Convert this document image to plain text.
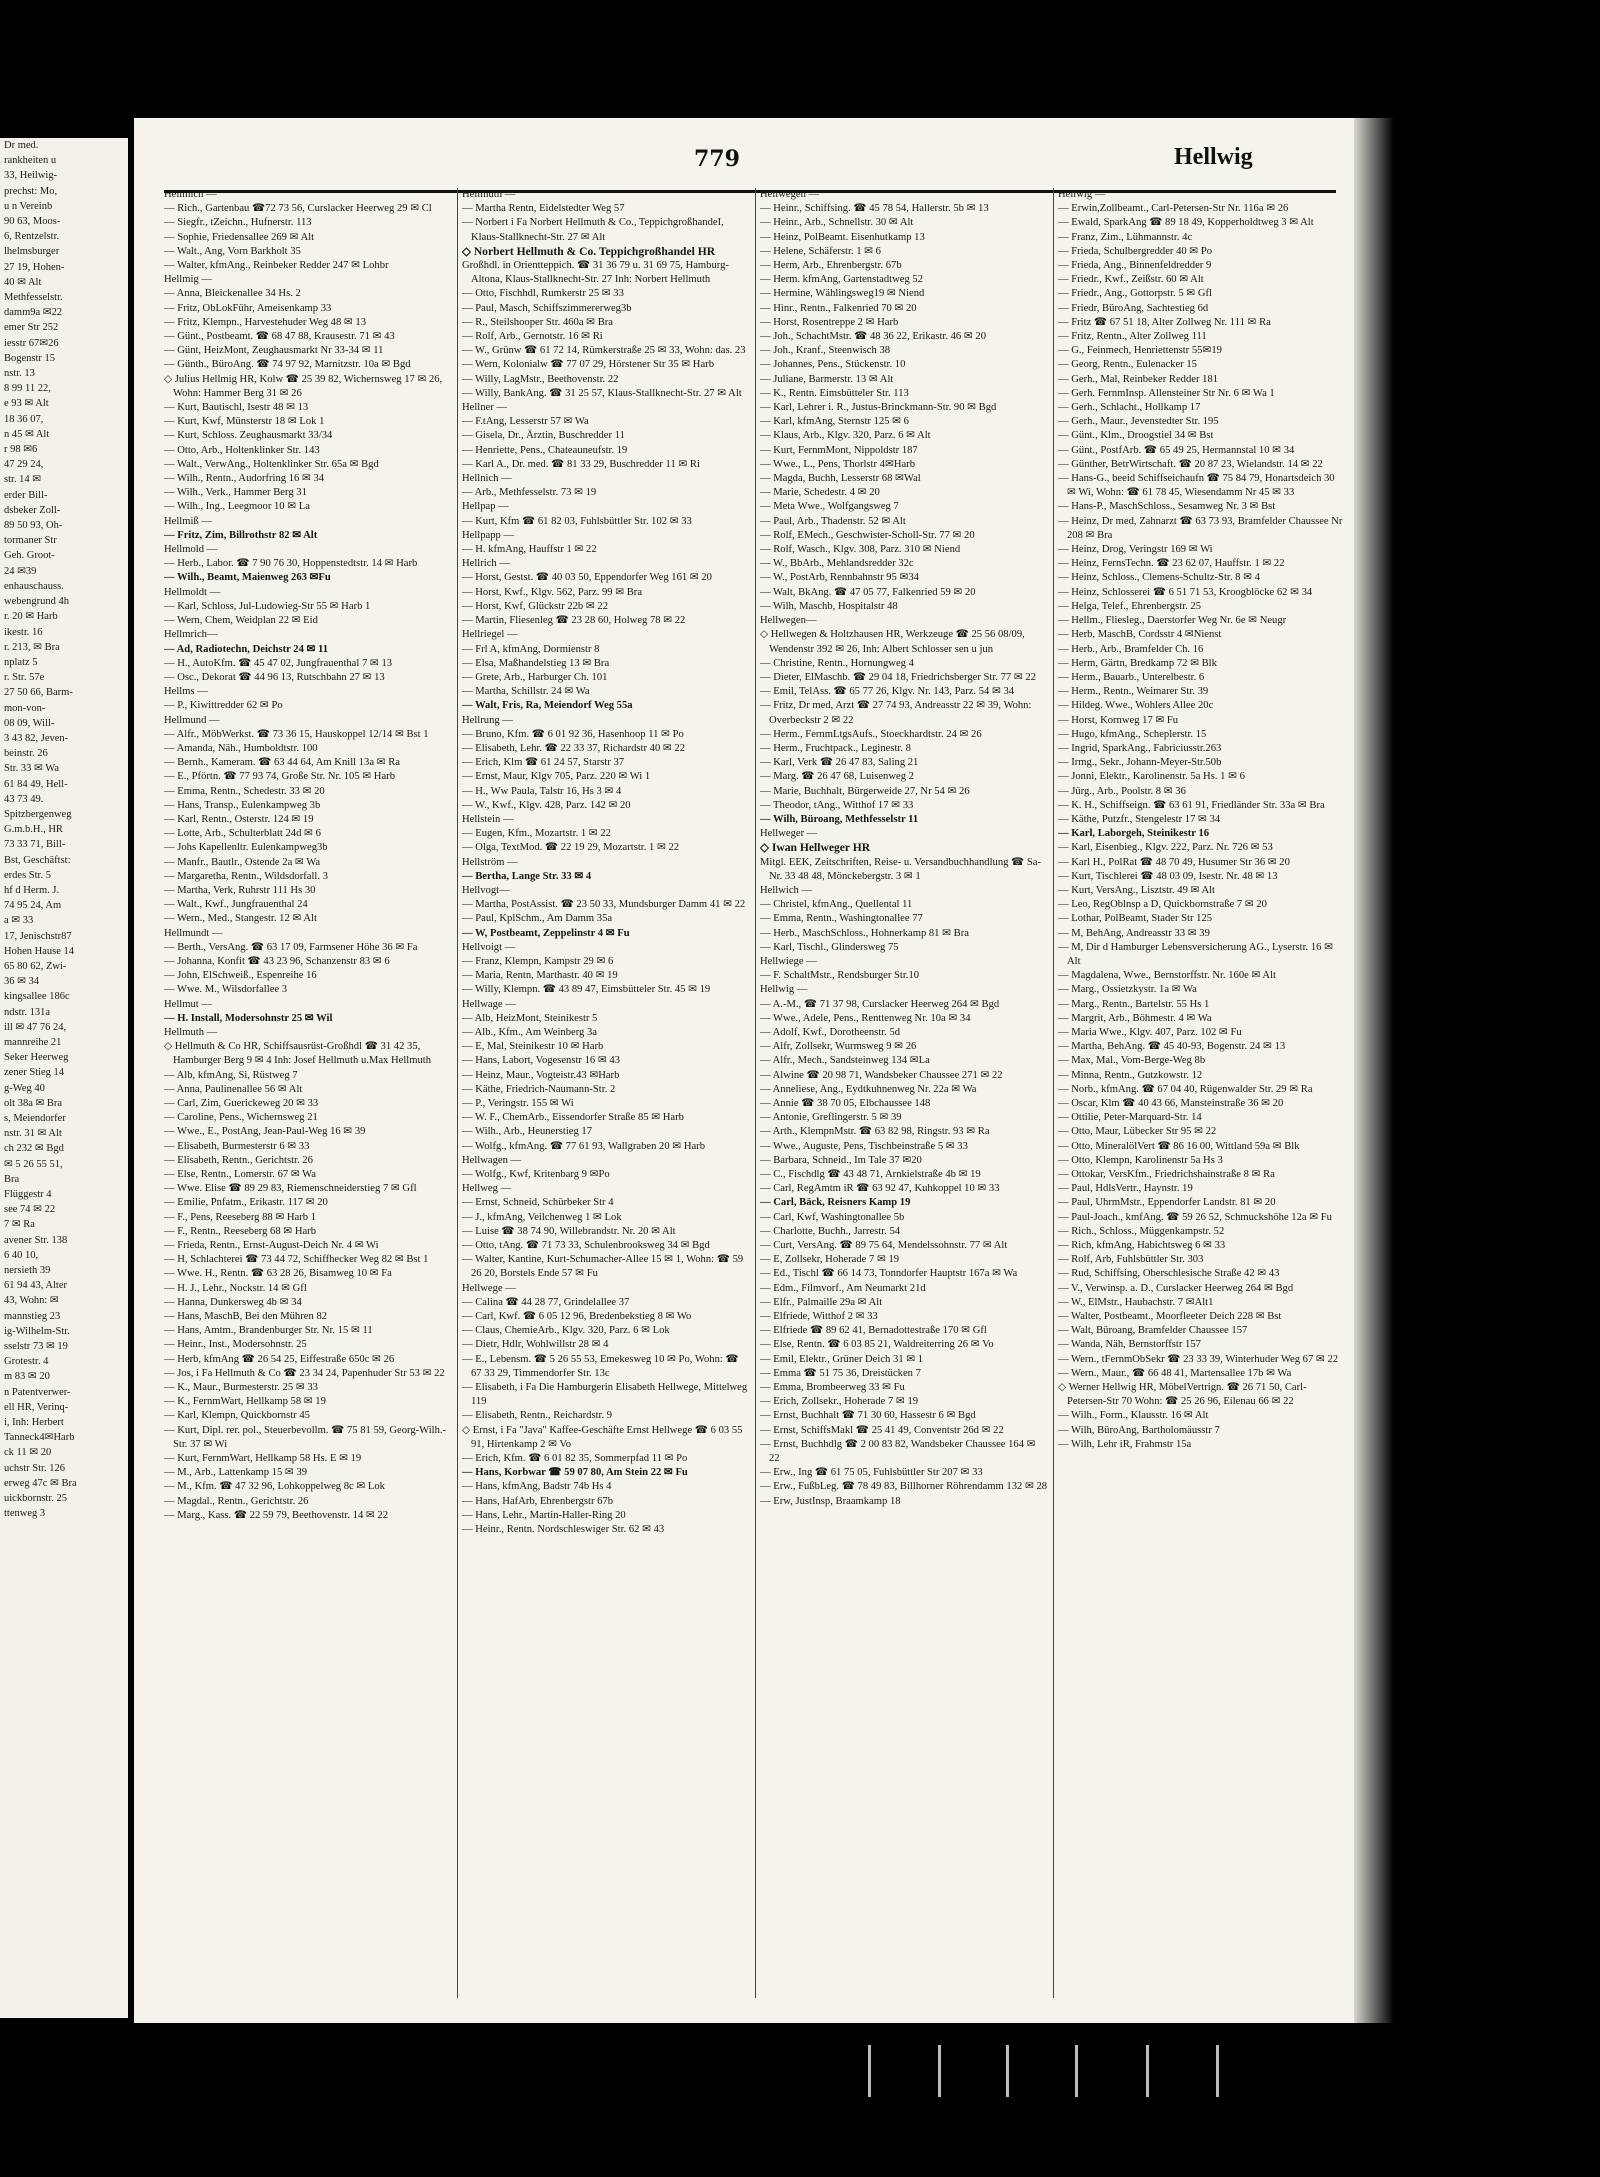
Dr med.
rankheiten u
33, Heilwig-
prechst: Mo,
u n Vereinb
90 63, Moos-
6, Rentzelstr.
lhelmsburger
27 19, Hohen-
40 ✉ Alt
Methfesselstr.
damm9a ✉22
emer Str 252
iesstr 67✉26
Bogenstr 15
nstr. 13
8 99 11 22,
e 93 ✉ Alt
18 36 07,
n 45 ✉ Alt
r 98 ✉6
47 29 24,
str. 14 ✉
erder Bill-
dsbeker Zoll-
89 50 93, Oh-
tormaner Str
Geh. Groot-
24 ✉39
enhauschauss.
webengrund 4h
r. 20 ✉ Harb
ikestr. 16
r. 213, ✉ Bra
nplatz 5
r. Str. 57e
27 50 66, Barm-
mon-von-
08 09, Will-
3 43 82, Jeven-
beinstr. 26
Str. 33 ✉ Wa
61 84 49, Hell-
43 73 49.
Spitzbergenweg
G.m.b.H., HR
73 33 71, Bill-
Bst, Geschäftst:
erdes Str. 5
hf d Herm. J.
74 95 24, Am
a ✉ 33
17, Jenischstr87
Hohen Hause 14
65 80 62, Zwi-
36 ✉ 34
kingsallee 186c
ndstr. 131a
ill ✉ 47 76 24,
mannreihe 21
Seker Heerweg
zener Stieg 14
g-Weg 40
olt 38a ✉ Bra
s, Meiendorfer
nstr. 31 ✉ Alt
ch 232 ✉ Bgd
✉ 5 26 55 51,
Bra
Flüggestr 4
see 74 ✉ 22
7 ✉ Ra
avener Str. 138
6 40 10,
nersieth 39
61 94 43, Alter
43, Wohn: ✉
mannstieg 23
ig-Wilhelm-Str.
sselstr 73 ✉ 19
Grotestr. 4
m 83 ✉ 20
n Patentverwer-
ell HR, Verinq-
i, Inh: Herbert
Tanneck4✉Harb
ck 11 ✉ 20
uchstr Str. 126
erweg 47c ✉ Bra
uickbornstr. 25
ttenweg 3
779	Hellwig

Hellmich —

— Rich., Gartenbau ☎72 73 56, Curslacker Heerweg 29 ✉ Cl

— Siegfr., tZeichn., Hufnerstr. 113

— Sophie, Friedensallee 269 ✉ Alt

— Walt., Ang, Vorn Barkholt 35

— Walter, kfmAng., Reinbeker Redder 247 ✉ Lohbr

Hellmig —

— Anna, Bleickenallee 34 Hs. 2

— Fritz, ObLokFühr, Ameisenkamp 33

— Fritz, Klempn., Harvestehuder Weg 48 ✉ 13

— Günt., Postbeamt. ☎ 68 47 88, Krausestr. 71 ✉ 43

— Günt, HeizMont, Zeughausmarkt Nr 33-34 ✉ 11

— Günth., BüroAng. ☎ 74 97 92, Marnitzstr. 10a ✉ Bgd

◇ Julius Hellmig HR, Kolw ☎ 25 39 82, Wichernsweg 17 ✉ 26, Wohn: Hammer Berg 31 ✉ 26

— Kurt, Bautischl, Isestr 48 ✉ 13

— Kurt, Kwf, Münsterstr 18 ✉ Lok 1

— Kurt, Schloss. Zeughausmarkt 33/34

— Otto, Arb., Holtenklinker Str. 143

— Walt., VerwAng., Holtenklinker Str. 65a ✉ Bgd

— Wilh., Rentn., Audorfring 16 ✉ 34

— Wilh., Verk., Hammer Berg 31

— Wilh., Ing., Leegmoor 10 ✉ La

Hellmiß —

— Fritz, Zim, Billrothstr 82 ✉ Alt

Hellmold —

— Herb., Labor. ☎ 7 90 76 30, Hoppenstedtstr. 14 ✉ Harb

— Wilh., Beamt, Maienweg 263 ✉Fu

Hellmoldt —

— Karl, Schloss, Jul-Ludowieg-Str 55 ✉ Harb 1

— Wern, Chem, Weidplan 22 ✉ Eid

Hellmrich—

— Ad, Radiotechn, Deichstr 24 ✉ 11

— H., AutoKfm. ☎ 45 47 02, Jungfrauenthal 7 ✉ 13

— Osc., Dekorat ☎ 44 96 13, Rutschbahn 27 ✉ 13

Hellms —

— P., Kiwittredder 62 ✉ Po

Hellmund —

— Alfr., MöbWerkst. ☎ 73 36 15, Hauskoppel 12/14 ✉ Bst 1

— Amanda, Näh., Humboldtstr. 100

— Bernh., Kameram. ☎ 63 44 64, Am Knill 13a ✉ Ra

— E., Pförtn. ☎ 77 93 74, Große Str. Nr. 105 ✉ Harb

— Emma, Rentn., Schedestr. 33 ✉ 20

— Hans, Transp., Eulenkampweg 3b

— Karl, Rentn., Osterstr. 124 ✉ 19

— Lotte, Arb., Schulterblatt 24d ✉ 6

— Johs Kapellenltr. Eulenkampweg3b

— Manfr., Bautlr., Ostende 2a ✉ Wa

— Margaretha, Rentn., Wildsdorfall. 3

— Martha, Verk, Ruhrstr 111 Hs 30

— Walt., Kwf., Jungfrauenthal 24

— Wern., Med., Stangestr. 12 ✉ Alt

Hellmundt —

— Berth., VersAng. ☎ 63 17 09, Farmsener Höhe 36 ✉ Fa

— Johanna, Konfit ☎ 43 23 96, Schanzenstr 83 ✉ 6

— John, ElSchweiß., Espenreihe 16

— Wwe. M., Wilsdorfallee 3

Hellmut —

— H. Install, Modersohnstr 25 ✉ Wil

Hellmuth —

◇ Hellmuth & Co HR, Schiffsausrüst-Großhdl ☎ 31 42 35, Hamburger Berg 9 ✉ 4 Inh: Josef Hellmuth u.Max Hellmuth

— Alb, kfmAng, Si, Rüstweg 7

— Anna, Paulinenallee 56 ✉ Alt

— Carl, Zim, Guerickeweg 20 ✉ 33

— Caroline, Pens., Wichernsweg 21

— Wwe., E., PostAng, Jean-Paul-Weg 16 ✉ 39

— Elisabeth, Burmesterstr 6 ✉ 33

— Elisabeth, Rentn., Gerichtstr. 26

— Else, Rentn., Lomerstr. 67 ✉ Wa

— Wwe. Elise ☎ 89 29 83, Riemenschneiderstieg 7 ✉ Gfl

— Emilie, Pnfatm., Erikastr. 117 ✉ 20

— F., Pens, Reeseberg 88 ✉ Harb 1

— F., Rentn., Reeseberg 68 ✉ Harb

— Frieda, Rentn., Ernst-August-Deich Nr. 4 ✉ Wi

— H, Schlachterei ☎ 73 44 72, Schiffhecker Weg 82 ✉ Bst 1

— Wwe. H., Rentn. ☎ 63 28 26, Bisamweg 10 ✉ Fa

— H. J., Lehr., Nockstr. 14 ✉ Gfl

— Hanna, Dunkersweg 4b ✉ 34

— Hans, MaschB, Bei den Mühren 82

— Hans, Amtm., Brandenburger Str. Nr. 15 ✉ 11

— Heinr., Inst., Modersohnstr. 25

— Herb, kfmAng ☎ 26 54 25, Eiffestraße 650c ✉ 26

— Jos, i Fa Hellmuth & Co ☎ 23 34 24, Papenhuder Str 53 ✉ 22

— K., Maur., Burmesterstr. 25 ✉ 33

— K., FernmWart, Hellkamp 58 ✉ 19

— Karl, Klempn, Quickbornstr 45

— Kurt, Dipl. rer. pol., Steuerbevollm. ☎ 75 81 59, Georg-Wilh.-Str. 37 ✉ Wi

— Kurt, FernmWart, Hellkamp 58 Hs. E ✉ 19

— M., Arb., Lattenkamp 15 ✉ 39

— M., Kfm. ☎ 47 32 96, Lohkoppelweg 8c ✉ Lok

— Magdal., Rentn., Gerichtstr. 26

— Marg., Kass. ☎ 22 59 79, Beethovenstr. 14 ✉ 22

Hellmuth —

— Martha Rentn, Eidelstedter Weg 57

— Norbert i Fa Norbert Hellmuth & Co., TeppichgroßhandeI, Klaus-Stallknecht-Str. 27 ✉ Alt

◇ Norbert Hellmuth & Co. Teppichgroßhandel HR

Großhdl. in Orientteppich. ☎ 31 36 79 u. 31 69 75, Hamburg-Altona, Klaus-Stallknecht-Str. 27 Inh: Norbert Hellmuth

— Otto, Fischhdl, Rumkerstr 25 ✉ 33

— Paul, Masch, Schiffszimmererweg3b

— R., Steilshooper Str. 460a ✉ Bra

— Rolf, Arb., Gernotstr. 16 ✉ Ri

— W., Grünw ☎ 61 72 14, Rümkerstraße 25 ✉ 33, Wohn: das. 23

— Wern, Kolonialw ☎ 77 07 29, Hörstener Str 35 ✉ Harb

— Willy, LagMstr., Beethovenstr. 22

— Willy, BankAng. ☎ 31 25 57, Klaus-Stallknecht-Str. 27 ✉ Alt

Hellner —

— F.tAng, Lesserstr 57 ✉ Wa

— Gisela, Dr., Ärztin, Buschredder 11

— Henriette, Pens., Chateauneufstr. 19

— Karl A., Dr. med. ☎ 81 33 29, Buschredder 11 ✉ Ri

Hellnich —

— Arb., Methfesselstr. 73 ✉ 19

Hellpap —

— Kurt, Kfm ☎ 61 82 03, Fuhlsbüttler Str. 102 ✉ 33

Hellpapp —

— H. kfmAng, Hauffstr 1 ✉ 22

Hellrich —

— Horst, Gestst. ☎ 40 03 50, Eppendorfer Weg 161 ✉ 20

— Horst, Kwf., Klgv. 562, Parz. 99 ✉ Bra

— Horst, Kwf, Glückstr 22b ✉ 22

— Martin, Fliesenleg ☎ 23 28 60, Holweg 78 ✉ 22

Hellriegel —

— Frl A, kfmAng, Dormienstr 8

— Elsa, Maßhandelstieg 13 ✉ Bra

— Grete, Arb., Harburger Ch. 101

— Martha, Schillstr. 24 ✉ Wa

— Walt, Fris, Ra, Meiendorf Weg 55a

Hellrung —

— Bruno, Kfm. ☎ 6 01 92 36, Hasenhoop 11 ✉ Po

— Elisabeth, Lehr. ☎ 22 33 37, Richardstr 40 ✉ 22

— Erich, Klm ☎ 61 24 57, Starstr 37

— Ernst, Maur, Klgv 705, Parz. 220 ✉ Wi 1

— H., Ww Paula, Talstr 16, Hs 3 ✉ 4

— W., Kwf., Klgv. 428, Parz. 142 ✉ 20

Hellstein —

— Eugen, Kfm., Mozartstr. 1 ✉ 22

— Olga, TextMod. ☎ 22 19 29, Mozartstr. 1 ✉ 22

Hellström —

— Bertha, Lange Str. 33 ✉ 4

Hellvogt—

— Martha, PostAssist. ☎ 23 50 33, Mundsburger Damm 41 ✉ 22

— Paul, KplSchm., Am Damm 35a

— W, Postbeamt, Zeppelinstr 4 ✉ Fu

Hellvoigt —

— Franz, Klempn, Kampstr 29 ✉ 6

— Maria, Rentn, Marthastr. 40 ✉ 19

— Willy, Klempn. ☎ 43 89 47, Eimsbütteler Str. 45 ✉ 19

Hellwage —

— Alb, HeizMont, Steinikestr 5

— Alb., Kfm., Am Weinberg 3a

— E, Mal, Steinikestr 10 ✉ Harb

— Hans, Labort, Vogesenstr 16 ✉ 43

— Heinz, Maur., Vogteistr.43 ✉Harb

— Käthe, Friedrich-Naumann-Str. 2

— P., Veringstr. 155 ✉ Wi

— W. F., ChemArb., Eissendorfer Straße 85 ✉ Harb

— Wilh., Arb., Heunerstieg 17

— Wolfg., kfmAng. ☎ 77 61 93, Wallgraben 20 ✉ Harb

Hellwagen —

— Wolfg., Kwf, Kritenbarg 9 ✉Po

Hellweg —

— Ernst, Schneid, Schürbeker Str 4

— J., kfmAng, Veilchenweg 1 ✉ Lok

— Luise ☎ 38 74 90, Willebrandstr. Nr. 20 ✉ Alt

— Otto, tAng. ☎ 71 73 33, Schulenbrooksweg 34 ✉ Bgd

— Walter, Kantine, Kurt-Schumacher-Allee 15 ✉ 1, Wohn: ☎ 59 26 20, Borstels Ende 57 ✉ Fu

Hellwege —

— Calina ☎ 44 28 77, Grindelallee 37

— Carl, Kwf. ☎ 6 05 12 96, Bredenbekstieg 8 ✉ Wo

— Claus, ChemieArb., Klgv. 320, Parz. 6 ✉ Lok

— Dietr, Hdlr, Wohlwillstr 28 ✉ 4

— E., Lebensm. ☎ 5 26 55 53, Emekesweg 10 ✉ Po, Wohn: ☎ 67 33 29, Timmendorfer Str. 13c

— Elisabeth, i Fa Die Hamburgerin Elisabeth Hellwege, Mittelweg 119

— Elisabeth, Rentn., Reichardstr. 9

◇ Ernst, i Fa "Java" Kaffee-Geschäfte Ernst Hellwege ☎ 6 03 55 91, Hirtenkamp 2 ✉ Vo

— Erich, Kfm. ☎ 6 01 82 35, Sommerpfad 11 ✉ Po

— Hans, Korbwar ☎ 59 07 80, Am Stein 22 ✉ Fu

— Hans, kfmAng, Badstr 74b Hs 4

— Hans, HafArb, Ehrenbergstr 67b

— Hans, Lehr., Martin-Haller-Ring 20

— Heinr., Rentn. Nordschleswiger Str. 62 ✉ 43

Hellwegen —

— Heinr., Schiffsing. ☎ 45 78 54, Hallerstr. 5b ✉ 13

— Heinr., Arb., Schnellstr. 30 ✉ Alt

— Heinz, PolBeamt. Eisenhutkamp 13

— Helene, Schäferstr. 1 ✉ 6

— Herm, Arb., Ehrenbergstr. 67b

— Herm. kfmAng, Gartenstadtweg 52

— Hermine, Wählingsweg19 ✉ Niend

— Hinr., Rentn., Falkenried 70 ✉ 20

— Horst, Rosentreppe 2 ✉ Harb

— Joh., SchachtMstr. ☎ 48 36 22, Erikastr. 46 ✉ 20

— Joh., Kranf., Steenwisch 38

— Johannes, Pens., Stückenstr. 10

— Juliane, Barmerstr. 13 ✉ Alt

— K., Rentn. Eimsbütteler Str. 113

— Karl, Lehrer i. R., Justus-Brinckmann-Str. 90 ✉ Bgd

— Karl, kfmAng, Sternstr 125 ✉ 6

— Klaus, Arb., Klgv. 320, Parz. 6 ✉ Alt

— Kurt, FernmMont, Nippoldstr 187

— Wwe., L., Pens, Thorlstr 4✉Harb

— Magda, Buchh, Lesserstr 68 ✉Wal

— Marie, Schedestr. 4 ✉ 20

— Meta Wwe., Wolfgangsweg 7

— Paul, Arb., Thadenstr. 52 ✉ Alt

— Rolf, EMech., Geschwister-Scholl-Str. 77 ✉ 20

— Rolf, Wasch., Klgv. 308, Parz. 310 ✉ Niend

— W., BbArb., Mehlandsredder 32c

— W., PostArb, Rennbahnstr 95 ✉34

— Walt, BkAng. ☎ 47 05 77, Falkenried 59 ✉ 20

— Wilh, Maschb, Hospitalstr 48

Hellwegen—

◇ Hellwegen & Holtzhausen HR, Werkzeuge ☎ 25 56 08/09, Wendenstr 392 ✉ 26, Inh: Albert Schlosser sen u jun

— Christine, Rentn., Hornungweg 4

— Dieter, ElMaschb. ☎ 29 04 18, Friedrichsberger Str. 77 ✉ 22

— Emil, TelAss. ☎ 65 77 26, Klgv. Nr. 143, Parz. 54 ✉ 34

— Fritz, Dr med, Arzt ☎ 27 74 93, Andreasstr 22 ✉ 39, Wohn: Overbeckstr 2 ✉ 22

— Herm., FernmLtgsAufs., Stoeckhardtstr. 24 ✉ 26

— Herm., Fruchtpack., Leginestr. 8

— Karl, Verk ☎ 26 47 83, Saling 21

— Marg. ☎ 26 47 68, Luisenweg 2

— Marie, Buchhalt, Bürgerweide 27, Nr 54 ✉ 26

— Theodor, tAng., Witthof 17 ✉ 33

— Wilh, Büroang, Methfesselstr 11

Hellweger —

◇ Iwan Hellweger HR

Mitgl. EEK, Zeitschriften, Reise- u. Versandbuchhandlung ☎ Sa-Nr. 33 48 48, Mönckebergstr. 3 ✉ 1

Hellwich —

— Christel, kfmAng., Quellental 11

— Emma, Rentn., Washingtonallee 77

— Herb., MaschSchloss., Hohnerkamp 81 ✉ Bra

— Karl, Tischl., Glindersweg 75

Hellwiege —

— F. SchaltMstr., Rendsburger Str.10

Hellwig —

— A.-M., ☎ 71 37 98, Curslacker Heerweg 264 ✉ Bgd

— Wwe., Adele, Pens., Renttenweg Nr. 10a ✉ 34

— Adolf, Kwf., Dorotheenstr. 5d

— Alfr, Zollsekr, Wurmsweg 9 ✉ 26

— Alfr., Mech., Sandsteinweg 134 ✉La

— Alwine ☎ 20 98 71, Wandsbeker Chaussee 271 ✉ 22

— Anneliese, Ang., Eydtkuhnenweg Nr. 22a ✉ Wa

— Annie ☎ 38 70 05, Elbchaussee 148

— Antonie, Greflingerstr. 5 ✉ 39

— Arth., KlempnMstr. ☎ 63 82 98, Ringstr. 93 ✉ Ra

— Wwe., Auguste, Pens, Tischbeinstraße 5 ✉ 33

— Barbara, Schneid., Im Tale 37 ✉20

— C., Fischdlg ☎ 43 48 71, Arnkielstraße 4b ✉ 19

— Carl, RegAmtm iR ☎ 63 92 47, Kuhkoppel 10 ✉ 33

— Carl, Bäck, Reisners Kamp 19

— Carl, Kwf, Washingtonallee 5b

— Charlotte, Buchh., Jarrestr. 54

— Curt, VersAng. ☎ 89 75 64, Mendelssohnstr. 77 ✉ Alt

— E, Zollsekr, Hoherade 7 ✉ 19

— Ed., Tischl ☎ 66 14 73, Tonndorfer Hauptstr 167a ✉ Wa

— Edm., Filmvorf., Am Neumarkt 21d

— Elfr., Palmaille 29a ✉ Alt

— Elfriede, Witthof 2 ✉ 33

— Elfriede ☎ 89 62 41, Bernadottestraße 170 ✉ Gfl

— Else, Rentn. ☎ 6 03 85 21, Waldreiterring 26 ✉ Vo

— Emil, Elektr., Grüner Deich 31 ✉ 1

— Emma ☎ 51 75 36, Dreistücken 7

— Emma, Brombeerweg 33 ✉ Fu

— Erich, Zollsekr., Hoherade 7 ✉ 19

— Ernst, Buchhalt ☎ 71 30 60, Hassestr 6 ✉ Bgd

— Ernst, SchiffsMakl ☎ 25 41 49, Conventstr 26d ✉ 22

— Ernst, Buchhdlg ☎ 2 00 83 82, Wandsbeker Chaussee 164 ✉ 22

— Erw., Ing ☎ 61 75 05, Fuhlsbüttler Str 207 ✉ 33

— Erw., FußbLeg. ☎ 78 49 83, Billhorner Röhrendamm 132 ✉ 28

— Erw, JustInsp, Braamkamp 18

Hellwig —

— Erwin,Zollbeamt., Carl-Petersen-Str Nr. 116a ✉ 26

— Ewald, SparkAng ☎ 89 18 49, Kopperholdtweg 3 ✉ Alt

— Franz, Zim., Lühmannstr. 4c

— Frieda, Schulbergredder 40 ✉ Po

— Frieda, Ang., Binnenfeldredder 9

— Friedr., Kwf., Zeißstr. 60 ✉ Alt

— Friedr., Ang., Gottorpstr. 5 ✉ Gfl

— Friedr, BüroAng, Sachtestieg 6d

— Fritz ☎ 67 51 18, Alter Zollweg Nr. 111 ✉ Ra

— Fritz, Rentn., Alter Zollweg 111

— G., Feinmech, Henriettenstr 55✉19

— Georg, Rentn., Eulenacker 15

— Gerh., Mal, Reinbeker Redder 181

— Gerh. FernmInsp. Allensteiner Str Nr. 6 ✉ Wa 1

— Gerh., Schlacht., Hollkamp 17

— Gerh., Maur., Jevenstedter Str. 195

— Günt., Klm., Droogstiel 34 ✉ Bst

— Günt., PostfArb. ☎ 65 49 25, Hermannstal 10 ✉ 34

— Günther, BetrWirtschaft. ☎ 20 87 23, Wielandstr. 14 ✉ 22

— Hans-G., beeid Schiffseichaufn ☎ 75 84 79, Honartsdeich 30 ✉ Wi, Wohn: ☎ 61 78 45, Wiesendamm Nr 45 ✉ 33

— Hans-P., MaschSchloss., Sesamweg Nr. 3 ✉ Bst

— Heinz, Dr med, Zahnarzt ☎ 63 73 93, Bramfelder Chaussee Nr 208 ✉ Bra

— Heinz, Drog, Veringstr 169 ✉ Wi

— Heinz, FernsTechn. ☎ 23 62 07, Hauffstr. 1 ✉ 22

— Heinz, Schloss., Clemens-Schultz-Str. 8 ✉ 4

— Heinz, Schlosserei ☎ 6 51 71 53, Kroogblöcke 62 ✉ 34

— Helga, Telef., Ehrenbergstr. 25

— Hellm., Fliesleg., Daerstorfer Weg Nr. 6e ✉ Neugr

— Herb, MaschB, Cordsstr 4 ✉Nienst

— Herb., Arb., Bramfelder Ch. 16

— Herm, Gärtn, Bredkamp 72 ✉ Blk

— Herm., Bauarb., Unterelbestr. 6

— Herm., Rentn., Weimarer Str. 39

— Hildeg. Wwe., Wohlers Allee 20c

— Horst, Kornweg 17 ✉ Fu

— Hugo, kfmAng., Scheplerstr. 15

— Ingrid, SparkAng., Fabriciusstr.263

— Irmg., Sekr., Johann-Meyer-Str.50b

— Jonni, Elektr., Karolinenstr. 5a Hs. 1 ✉ 6

— Jürg., Arb., Poolstr. 8 ✉ 36

— K. H., Schiffseign. ☎ 63 61 91, Friedländer Str. 33a ✉ Bra

— Käthe, Putzfr., Stengelestr 17 ✉ 34

— Karl, Laborgeh, Steinikestr 16

— Karl, Eisenbieg., Klgv. 222, Parz. Nr. 726 ✉ 53

— Karl H., PolRat ☎ 48 70 49, Husumer Str 36 ✉ 20

— Kurt, Tischlerei ☎ 48 03 09, Isestr. Nr. 48 ✉ 13

— Kurt, VersAng., Lisztstr. 49 ✉ Alt

— Leo, RegOblnsp a D, Quickbornstraße 7 ✉ 20

— Lothar, PolBeamt, Stader Str 125

— M, BehAng, Andreasstr 33 ✉ 39

— M, Dir d Hamburger Lebensversicherung AG., Lyserstr. 16 ✉ Alt

— Magdalena, Wwe., Bernstorffstr. Nr. 160e ✉ Alt

— Marg., Ossietzkystr. 1a ✉ Wa

— Marg., Rentn., Bartelstr. 55 Hs 1

— Margrit, Arb., Böhmestr. 4 ✉ Wa

— Maria Wwe., Klgv. 407, Parz. 102 ✉ Fu

— Martha, BehAng. ☎ 45 40-93, Bogenstr. 24 ✉ 13

— Max, Mal., Vom-Berge-Weg 8b

— Minna, Rentn., Gutzkowstr. 12

— Norb., kfmAng. ☎ 67 04 40, Rügenwalder Str. 29 ✉ Ra

— Oscar, Klm ☎ 40 43 66, Mansteinstraße 36 ✉ 20

— Ottilie, Peter-Marquard-Str. 14

— Otto, Maur, Lübecker Str 95 ✉ 22

— Otto, MineralölVert ☎ 86 16 00, Wittland 59a ✉ Blk

— Otto, Klempn, Karolinenstr 5a Hs 3

— Ottokar, VersKfm., Friedrichshainstraße 8 ✉ Ra

— Paul, HdlsVertr., Haynstr. 19

— Paul, UhrmMstr., Eppendorfer Landstr. 81 ✉ 20

— Paul-Joach., kmfAng. ☎ 59 26 52, Schmuckshöhe 12a ✉ Fu

— Rich., Schloss., Müggenkampstr. 52

— Rich, kfmAng, Habichtsweg 6 ✉ 33

— Rolf, Arb, Fuhlsbüttler Str. 303

— Rud, Schiffsing, Oberschlesische Straße 42 ✉ 43

— V., Verwinsp. a. D., Curslacker Heerweg 264 ✉ Bgd

— W., ElMstr., Haubachstr. 7 ✉Alt1

— Walter, Postbeamt., Moorfleeter Deich 228 ✉ Bst

— Walt, Büroang, Bramfelder Chaussee 157

— Wanda, Näh, Bernstorffstr 157

— Wern., tFernmObSekr ☎ 23 33 39, Winterhuder Weg 67 ✉ 22

— Wern., Maur., ☎ 66 48 41, Martensallee 17b ✉ Wa

◇ Werner Hellwig HR, MöbelVertrign. ☎ 26 71 50, Carl-Petersen-Str 70 Wohn: ☎ 25 26 96, Eilenau 66 ✉ 22

— Wilh., Form., Klausstr. 16 ✉ Alt

— Wilh, BüroAng, Bartholomäusstr 7

— Wilh, Lehr iR, Frahmstr 15a
